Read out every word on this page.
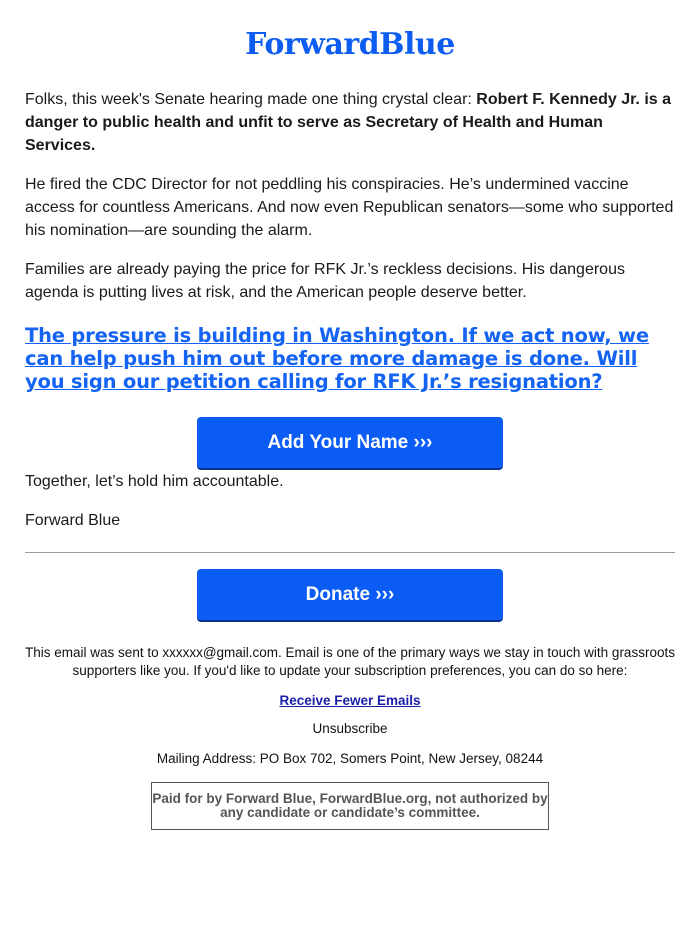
ForwardBlue

Folks, this week's Senate hearing made one thing crystal clear: Robert F. Kennedy Jr. is a danger to public health and unfit to serve as Secretary of Health and Human Services.

He fired the CDC Director for not peddling his conspiracies. He’s undermined vaccine access for countless Americans. And now even Republican senators—some who supported his nomination—are sounding the alarm.

Families are already paying the price for RFK Jr.’s reckless decisions. His dangerous agenda is putting lives at risk, and the American people deserve better.

The pressure is building in Washington. If we act now, we can help push him out before more damage is done. Will you sign our petition calling for RFK Jr.’s resignation?
Add Your Name ›››

Together, let’s hold him accountable.

Forward Blue

Donate ›››

This email was sent to xxxxxx@gmail.com. Email is one of the primary ways we stay in touch with grassroots supporters like you. If you'd like to update your subscription preferences, you can do so here:

Receive Fewer Emails

Unsubscribe

Mailing Address: PO Box 702, Somers Point, New Jersey, 08244

Paid for by Forward Blue, ForwardBlue.org, not authorized by any candidate or candidate’s committee.
